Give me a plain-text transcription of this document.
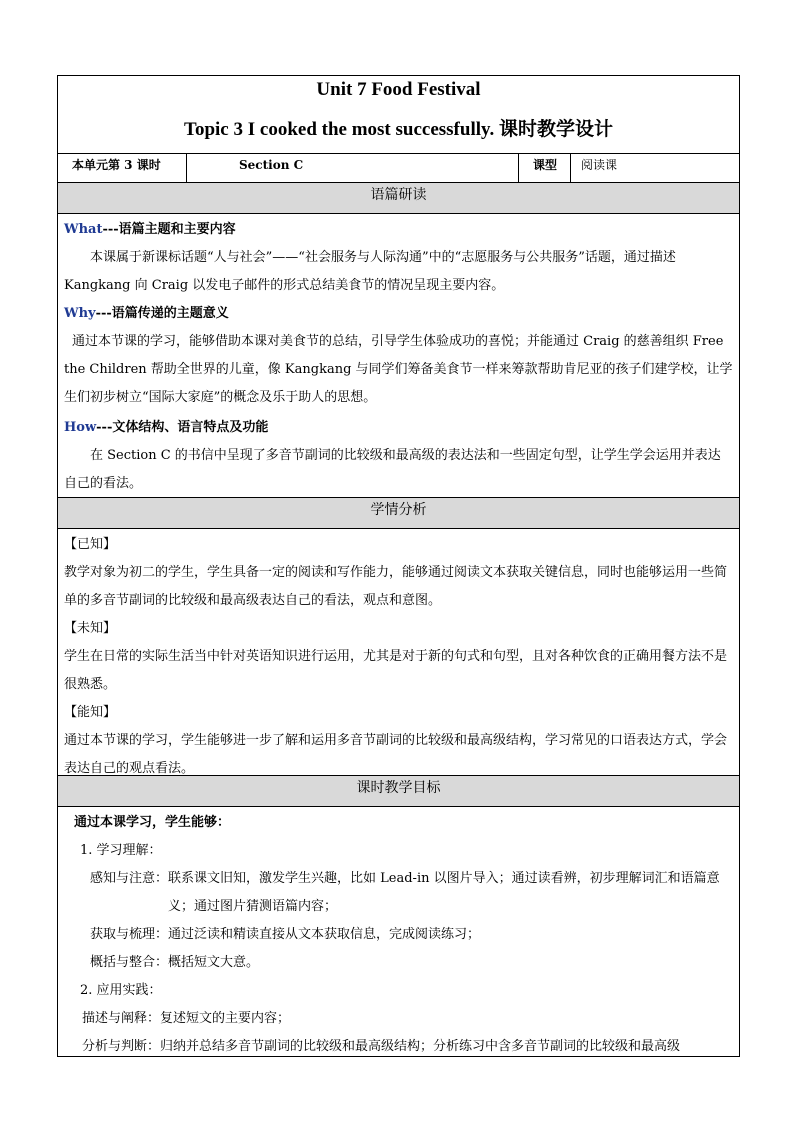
Unit 7 Food Festival
Topic 3 I cooked the most successfully. 课时教学设计
本单元第 3 课时	Section C	课型	阅读课
语篇研读

What---语篇主题和主要内容

本课属于新课标话题“人与社会”——“社会服务与人际沟通”中的“志愿服务与公共服务”话题，通过描述 Kangkang 向 Craig 以发电子邮件的形式总结美食节的情况呈现主要内容。

Why---语篇传递的主题意义

通过本节课的学习，能够借助本课对美食节的总结，引导学生体验成功的喜悦；并能通过 Craig 的慈善组织 Free the Children 帮助全世界的儿童，像 Kangkang 与同学们筹备美食节一样来筹款帮助肯尼亚的孩子们建学校，让学生们初步树立“国际大家庭”的概念及乐于助人的思想。

How---文体结构、语言特点及功能

在 Section C 的书信中呈现了多音节副词的比较级和最高级的表达法和一些固定句型，让学生学会运用并表达自己的看法。

学情分析

【已知】

教学对象为初二的学生，学生具备一定的阅读和写作能力，能够通过阅读文本获取关键信息，同时也能够运用一些简单的多音节副词的比较级和最高级表达自己的看法，观点和意图。

【未知】

学生在日常的实际生活当中针对英语知识进行运用，尤其是对于新的句式和句型，且对各种饮食的正确用餐方法不是很熟悉。

【能知】

通过本节课的学习，学生能够进一步了解和运用多音节副词的比较级和最高级结构，学习常见的口语表达方式，学会表达自己的观点看法。

课时教学目标

通过本课学习，学生能够：

1. 学习理解：

感知与注意： 联系课文旧知，激发学生兴趣，比如 Lead-in 以图片导入；通过读看辨，初步理解词汇和语篇意义；通过图片猜测语篇内容；
获取与梳理： 通过泛读和精读直接从文本获取信息，完成阅读练习；
概括与整合： 概括短文大意。

2. 应用实践：

描述与阐释： 复述短文的主要内容；
分析与判断： 归纳并总结多音节副词的比较级和最高级结构；分析练习中含多音节副词的比较级和最高级
